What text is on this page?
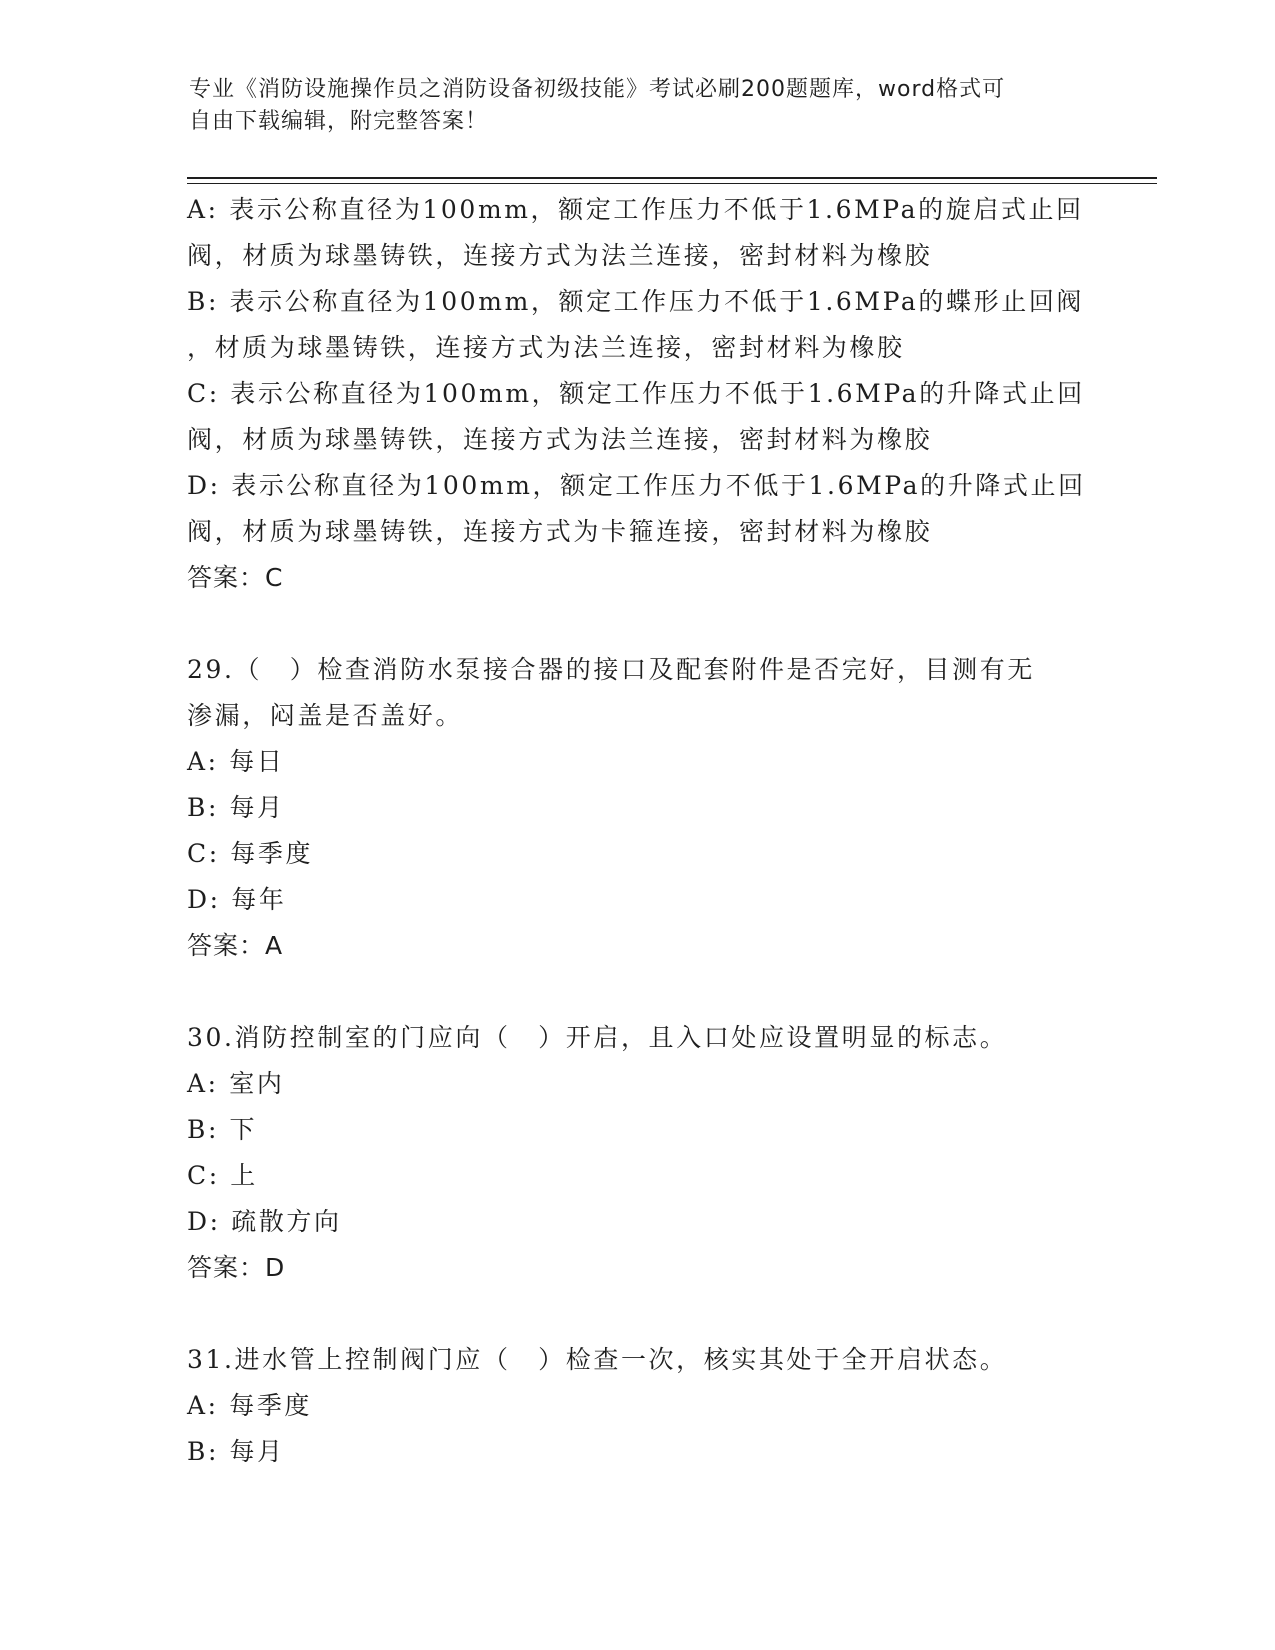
专业《消防设施操作员之消防设备初级技能》考试必刷200题题库，word格式可
自由下载编辑，附完整答案！
A: 表示公称直径为100mm，额定工作压力不低于1.6MPa的旋启式止回
阀，材质为球墨铸铁，连接方式为法兰连接，密封材料为橡胶
B: 表示公称直径为100mm，额定工作压力不低于1.6MPa的蝶形止回阀
，材质为球墨铸铁，连接方式为法兰连接，密封材料为橡胶
C: 表示公称直径为100mm，额定工作压力不低于1.6MPa的升降式止回
阀，材质为球墨铸铁，连接方式为法兰连接，密封材料为橡胶
D: 表示公称直径为100mm，额定工作压力不低于1.6MPa的升降式止回
阀，材质为球墨铸铁，连接方式为卡箍连接，密封材料为橡胶
答案：C
29.（　）检查消防水泵接合器的接口及配套附件是否完好，目测有无
渗漏，闷盖是否盖好。
A: 每日
B: 每月
C: 每季度
D: 每年
答案：A
30.消防控制室的门应向（　）开启，且入口处应设置明显的标志。
A: 室内
B: 下
C: 上
D: 疏散方向
答案：D
31.进水管上控制阀门应（　）检查一次，核实其处于全开启状态。
A: 每季度
B: 每月
